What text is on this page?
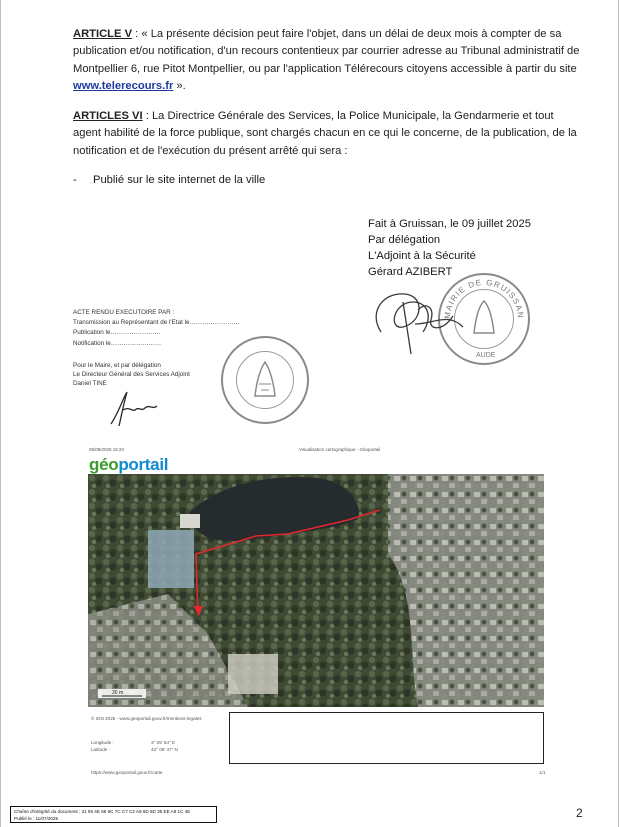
ARTICLE V : « La présente décision peut faire l'objet, dans un délai de deux mois à compter de sa publication et/ou notification, d'un recours contentieux par courrier adresse au Tribunal administratif de Montpellier 6, rue Pitot Montpellier, ou par l'application Télérecours citoyens accessible à partir du site www.telerecours.fr ».
ARTICLES VI : La Directrice Générale des Services, la Police Municipale, la Gendarmerie et tout agent habilité de la force publique, sont chargés chacun en ce qui le concerne, de la publication, de la notification et de l'exécution du présent arrêté qui sera :
- Publié sur le site internet de la ville
Fait à Gruissan, le 09 juillet 2025
Par délégation
L'Adjoint à la Sécurité
Gérard AZIBERT
MAIRIE DE GRUISSAN
AUDE
ACTE RENDU EXECUTOIRE PAR :
Transmission au Représentant de l'Etat le……………………
Publication le……………………
Notification le……………………
Pour le Maire, et par délégation
Le Directeur Général des Services Adjoint
Daniel TINE
05/09/2025 15:20	Visualisation cartographique - Géoportail
géoportail
30 m
© IGN 2025 - www.geoportail.gouv.fr/mentions-legales
Longitude :	3° 05' 54" E
Latitude :	43° 06' 47" N
https://www.geoportail.gouv.fr/carte	1/1
Chaîne d'intégrité du document : 31 95 4E 66 6C 7C C7 C2 A9 6D 6D 35 EE A8 1C 4E
Publié le : 11/07/2025	2
